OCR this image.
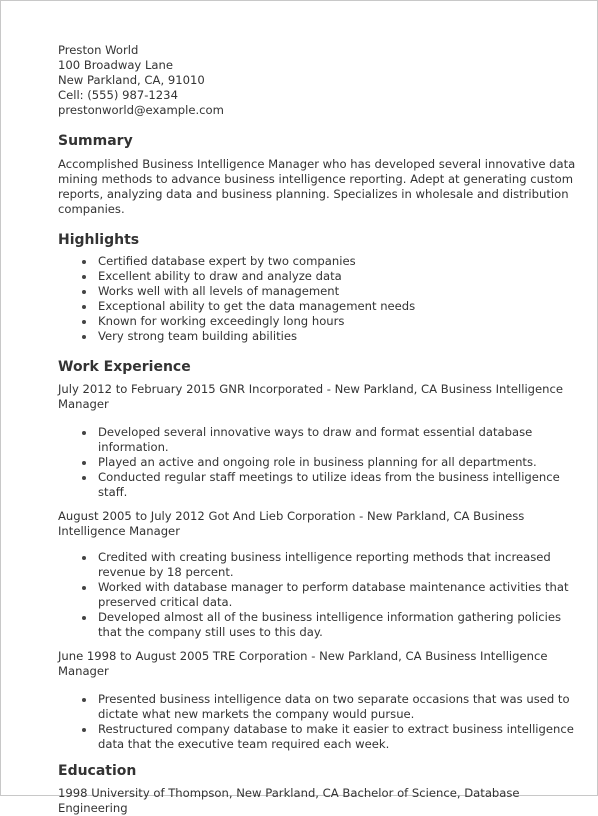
Preston World
100 Broadway Lane
New Parkland, CA, 91010
Cell: (555) 987-1234
prestonworld@example.com
Summary

Accomplished Business Intelligence Manager who has developed several innovative data mining methods to advance business intelligence reporting. Adept at generating custom reports, analyzing data and business planning. Specializes in wholesale and distribution companies.

Highlights
Certified database expert by two companies
Excellent ability to draw and analyze data
Works well with all levels of management
Exceptional ability to get the data management needs
Known for working exceedingly long hours
Very strong team building abilities
Work Experience

July 2012 to February 2015 GNR Incorporated - New Parkland, CA Business Intelligence Manager

Developed several innovative ways to draw and format essential database information.
Played an active and ongoing role in business planning for all departments.
Conducted regular staff meetings to utilize ideas from the business intelligence staff.

August 2005 to July 2012 Got And Lieb Corporation - New Parkland, CA Business Intelligence Manager

Credited with creating business intelligence reporting methods that increased revenue by 18 percent.
Worked with database manager to perform database maintenance activities that preserved critical data.
Developed almost all of the business intelligence information gathering policies that the company still uses to this day.

June 1998 to August 2005 TRE Corporation - New Parkland, CA Business Intelligence Manager

Presented business intelligence data on two separate occasions that was used to dictate what new markets the company would pursue.
Restructured company database to make it easier to extract business intelligence data that the executive team required each week.
Education

1998 University of Thompson, New Parkland, CA Bachelor of Science, Database Engineering
